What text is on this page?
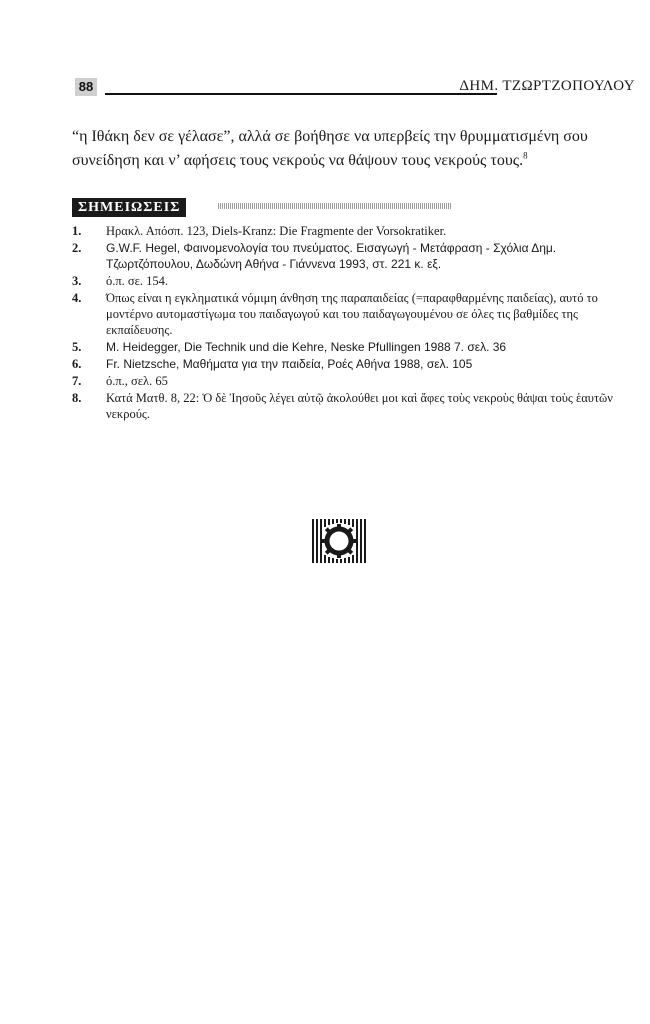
88	ΔΗΜ. ΤΖΩΡΤΖΟΠΟΥΛΟΥ

“η Ιθάκη δεν σε γέλασε”, αλλά σε βοήθησε να υπερβείς την θρυμματισμένη σου συνείδηση και ν’ αφήσεις τους νεκρούς να θάψουν τους νεκρούς τους.$^8$

ΣΗΜΕΙΩΣΕΙΣ
1.	Ηρακλ. Απόσπ. 123, Diels-Kranz: Die Fragmente der Vorsokratiker.
2.	G.W.F. Hegel, Φαινομενολογία του πνεύματος. Εισαγωγή - Μετάφραση - Σχόλια Δημ. Τζωρτζόπουλου, Δωδώνη Αθήνα - Γιάννενα 1993, στ. 221 κ. εξ.
3.	ό.π. σε. 154.
4.	Όπως είναι η εγκληματικά νόμιμη άνθηση της παραπαιδείας (=παραφθαρμένης παιδείας), αυτό το μοντέρνο αυτομαστίγωμα του παιδαγωγού και του παιδαγωγουμένου σε όλες τις βαθμίδες της εκπαίδευσης.
5.	M. Heidegger, Die Technik und die Kehre, Neske Pfullingen 1988 7. σελ. 36
6.	Fr. Nietzsche, Μαθήματα για την παιδεία, Ροές Αθήνα 1988, σελ. 105
7.	ό.π., σελ. 65
8.	Κατά Ματθ. 8, 22: Ὁ δὲ Ἰησοῦς λέγει αὐτῷ ἀκολούθει μοι καὶ ἄφες τοὺς νεκροὺς θάψαι τοὺς ἑαυτῶν νεκρούς.
